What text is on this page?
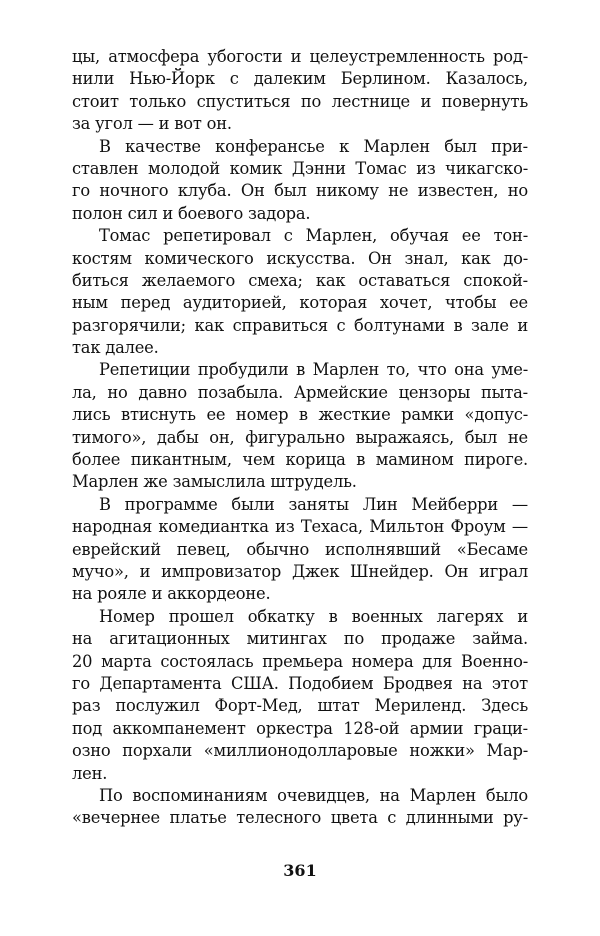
цы, атмосфера убогости и целеустремленность род-
нили Нью-Йорк с далеким Берлином. Казалось,
стоит только спуститься по лестнице и повернуть
за угол — и вот он.
В качестве конферансье к Марлен был при-
ставлен молодой комик Дэнни Томас из чикагско-
го ночного клуба. Он был никому не известен, но
полон сил и боевого задора.
Томас репетировал с Марлен, обучая ее тон-
костям комического искусства. Он знал, как до-
биться желаемого смеха; как оставаться спокой-
ным перед аудиторией, которая хочет, чтобы ее
разгорячили; как справиться с болтунами в зале и
так далее.
Репетиции пробудили в Марлен то, что она уме-
ла, но давно позабыла. Армейские цензоры пыта-
лись втиснуть ее номер в жесткие рамки «допус-
тимого», дабы он, фигурально выражаясь, был не
более пикантным, чем корица в мамином пироге.
Марлен же замыслила штрудель.
В программе были заняты Лин Мейберри —
народная комедиантка из Техаса, Мильтон Фроум —
еврейский певец, обычно исполнявший «Бесаме
мучо», и импровизатор Джек Шнейдер. Он играл
на рояле и аккордеоне.
Номер прошел обкатку в военных лагерях и
на агитационных митингах по продаже займа.
20 марта состоялась премьера номера для Военно-
го Департамента США. Подобием Бродвея на этот
раз послужил Форт-Мед, штат Мериленд. Здесь
под аккомпанемент оркестра 128-ой армии граци-
озно порхали «миллионодолларовые ножки» Мар-
лен.
По воспоминаниям очевидцев, на Марлен было
«вечернее платье телесного цвета с длинными ру-
361
